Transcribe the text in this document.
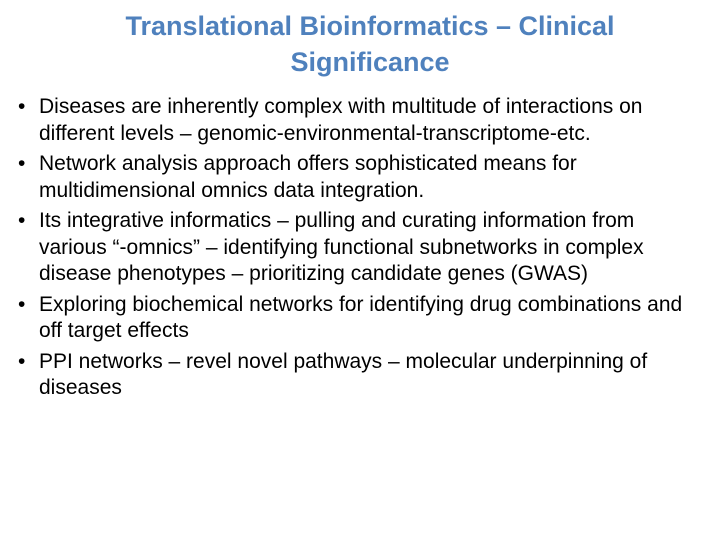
Translational Bioinformatics – Clinical Significance
• Diseases are inherently complex with multitude of interactions on different levels – genomic-environmental-transcriptome-etc.
• Network analysis approach offers sophisticated means for multidimensional omnics data integration.
• Its integrative informatics – pulling and curating information from various “-omnics” – identifying functional subnetworks in complex disease phenotypes – prioritizing candidate genes (GWAS)
• Exploring biochemical networks for identifying drug combinations and off target effects
• PPI networks – revel novel pathways – molecular underpinning of diseases
